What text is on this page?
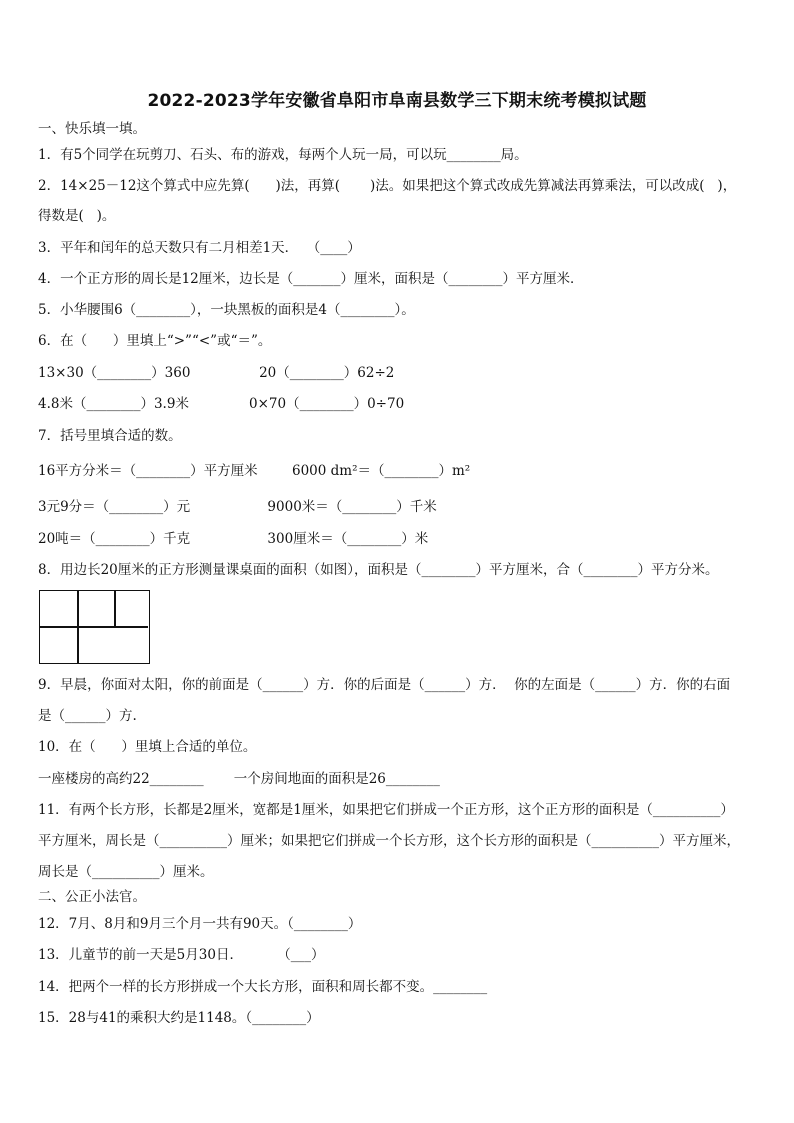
2022-2023学年安徽省阜阳市阜南县数学三下期末统考模拟试题
一、快乐填一填。
1．有5个同学在玩剪刀、石头、布的游戏，每两个人玩一局，可以玩________局。
2．14×25－12这个算式中应先算(      )法，再算(       )法。如果把这个算式改成先算减法再算乘法，可以改成(   )，
得数是(   )。
3．平年和闰年的总天数只有二月相差1天．  （____）
4．一个正方形的周长是12厘米，边长是（_______）厘米，面积是（________）平方厘米．
5．小华腰围6（________），一块黑板的面积是4（________）。
6．在（      ）里填上“>”“<”或“＝”。
13×30（________）360                20（________）62÷2
4.8米（________）3.9米              0×70（________）0÷70
7．括号里填合适的数。
16平方分米＝（________）平方厘米        6000 dm²＝（________）m²
3元9分＝（________）元                  9000米＝（________）千米
20吨＝（________）千克                  300厘米＝（________）米
8．用边长20厘米的正方形测量课桌面的面积（如图），面积是（________）平方厘米，合（________）平方分米。
9．早晨，你面对太阳，你的前面是（______）方．你的后面是（______）方．  你的左面是（______）方．你的右面
是（______）方.
10．在（      ）里填上合适的单位。
一座楼房的高约22________       一个房间地面的面积是26________
11．有两个长方形，长都是2厘米，宽都是1厘米，如果把它们拼成一个正方形，这个正方形的面积是（__________）
平方厘米，周长是（__________）厘米；如果把它们拼成一个长方形，这个长方形的面积是（__________）平方厘米，
周长是（__________）厘米。
二、公正小法官。
12．7月、8月和9月三个月一共有90天。（________）
13．儿童节的前一天是5月30日．        （___）
14．把两个一样的长方形拼成一个大长方形，面积和周长都不变。________
15．28与41的乘积大约是1148。（________）
